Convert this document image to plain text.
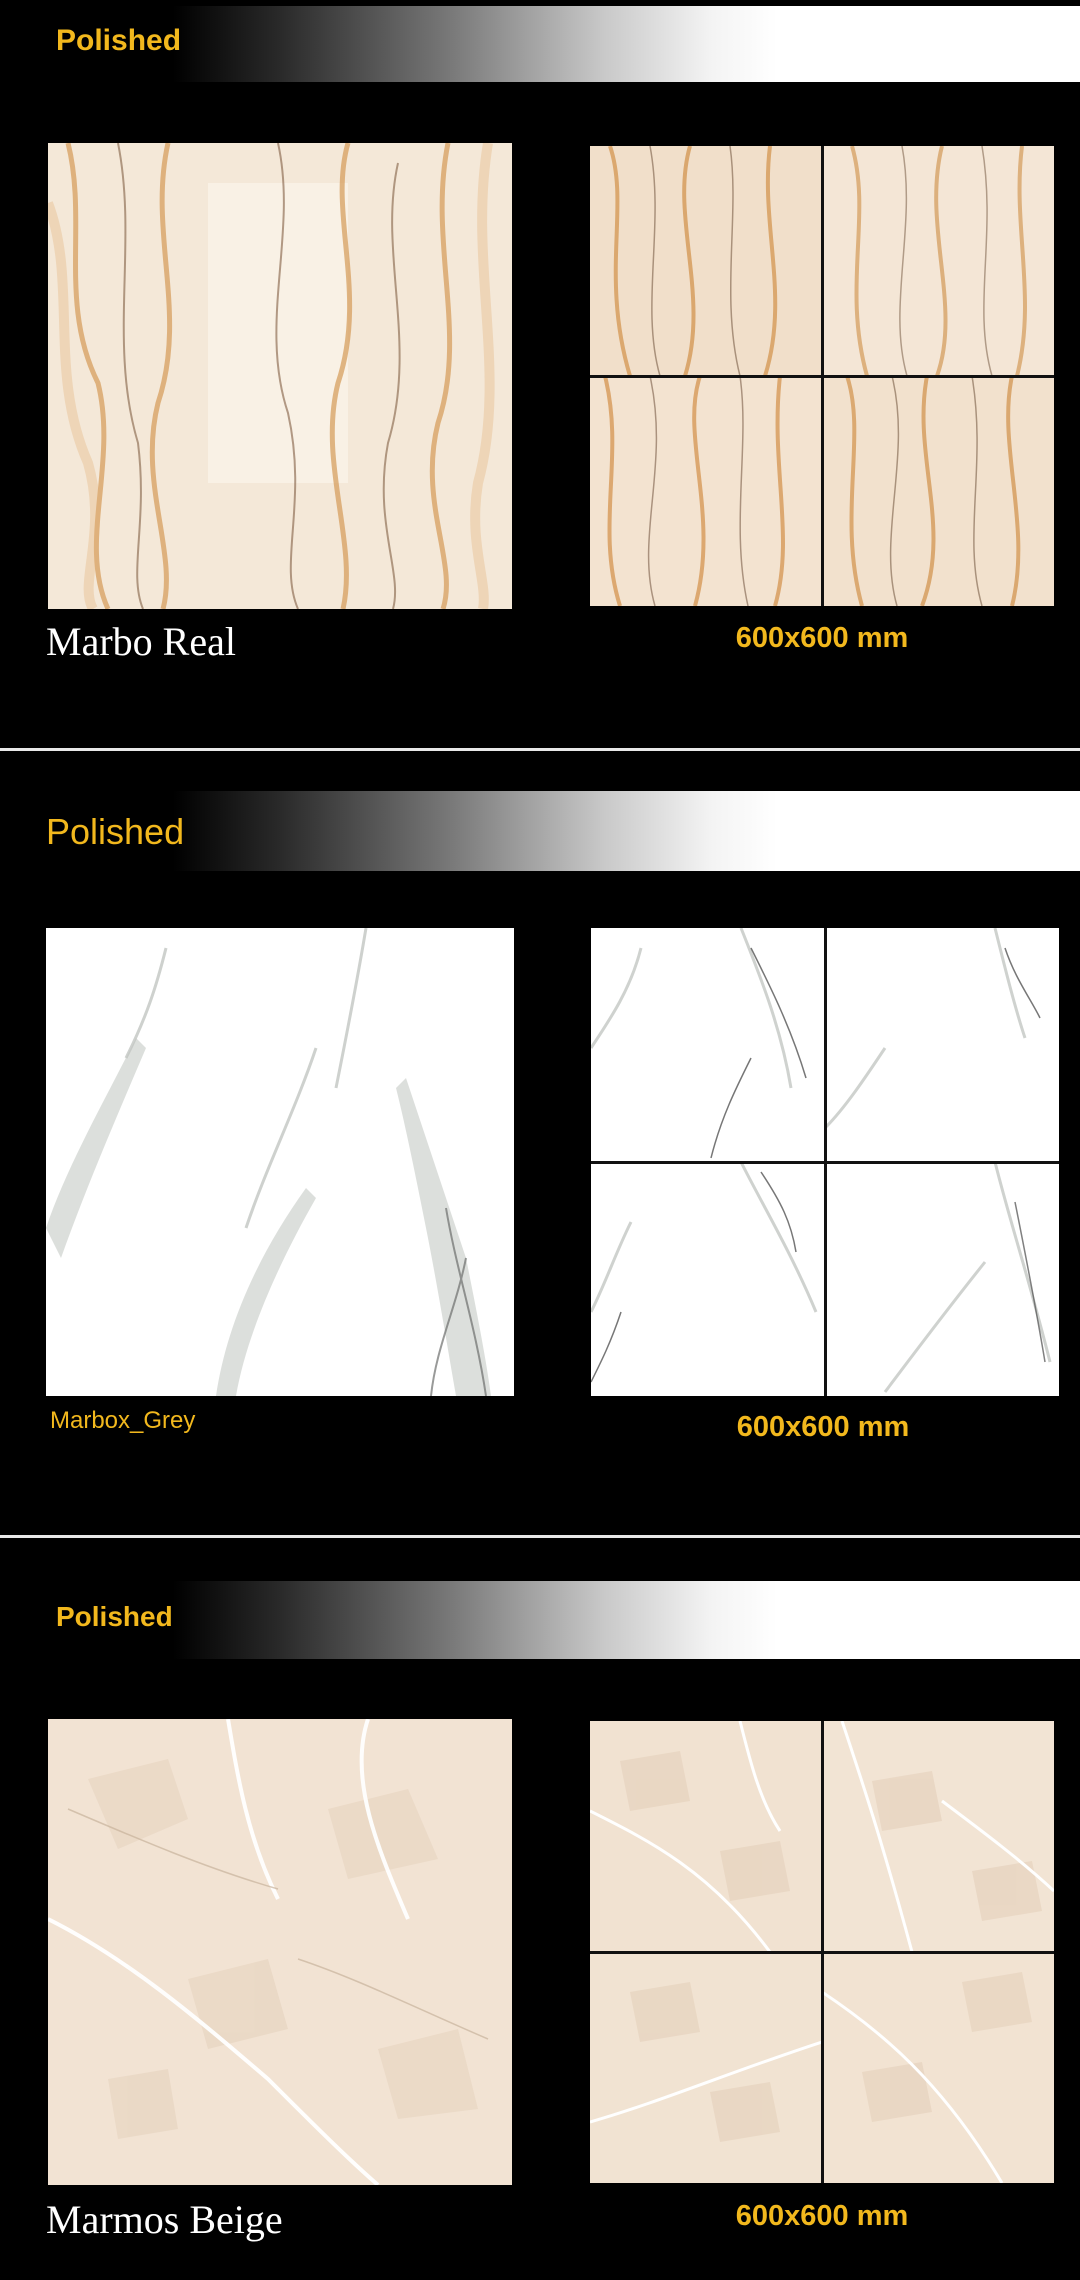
Polished
Marbo Real	600x600 mm
Polished
Marbox_Grey	600x600 mm
Polished
Marmos Beige	600x600 mm
